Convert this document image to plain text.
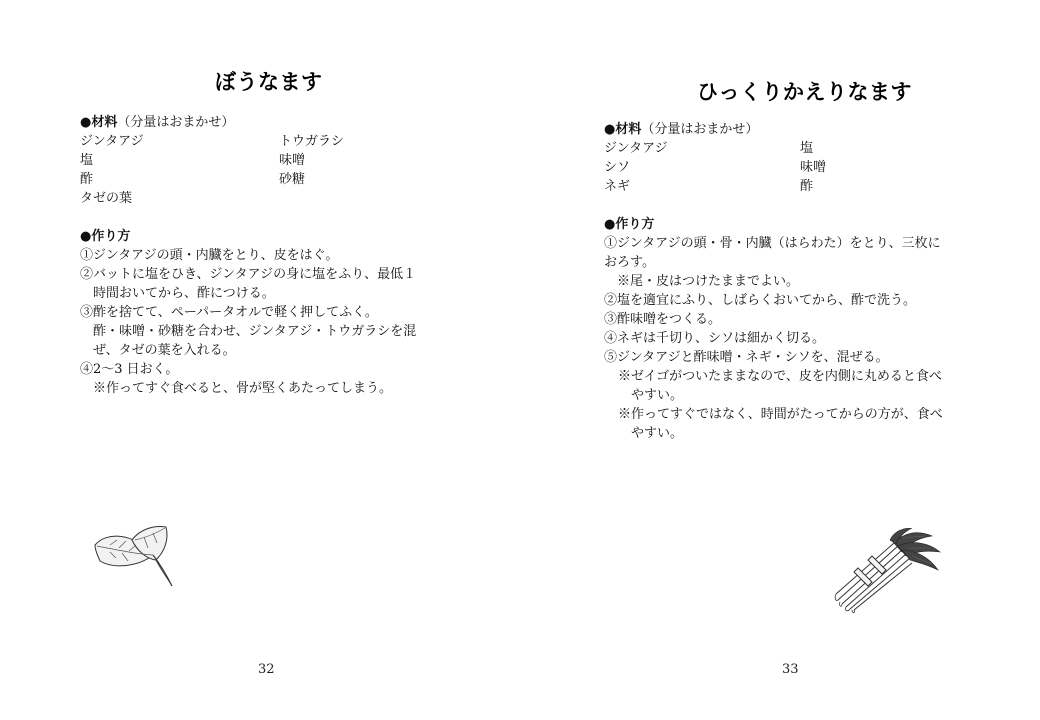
ぼうなます
●材料（分量はおまかせ）
ジンタアジ	トウガラシ
塩	味噌
酢	砂糖
タゼの葉
●作り方
①ジンタアジの頭・内臓をとり、皮をはぐ。
②バットに塩をひき、ジンタアジの身に塩をふり、最低１
時間おいてから、酢につける。
③酢を捨てて、ペーパータオルで軽く押してふく。
酢・味噌・砂糖を合わせ、ジンタアジ・トウガラシを混
ぜ、タゼの葉を入れる。
④2～3 日おく。
※作ってすぐ食べると、骨が堅くあたってしまう。
32
ひっくりかえりなます
●材料（分量はおまかせ）
ジンタアジ	塩
シソ	味噌
ネギ	酢
●作り方
①ジンタアジの頭・骨・内臓（はらわた）をとり、三枚に
おろす。
※尾・皮はつけたままでよい。
②塩を適宜にふり、しばらくおいてから、酢で洗う。
③酢味噌をつくる。
④ネギは千切り、シソは細かく切る。
⑤ジンタアジと酢味噌・ネギ・シソを、混ぜる。
※ゼイゴがついたままなので、皮を内側に丸めると食べ
やすい。
※作ってすぐではなく、時間がたってからの方が、食べ
やすい。
33
